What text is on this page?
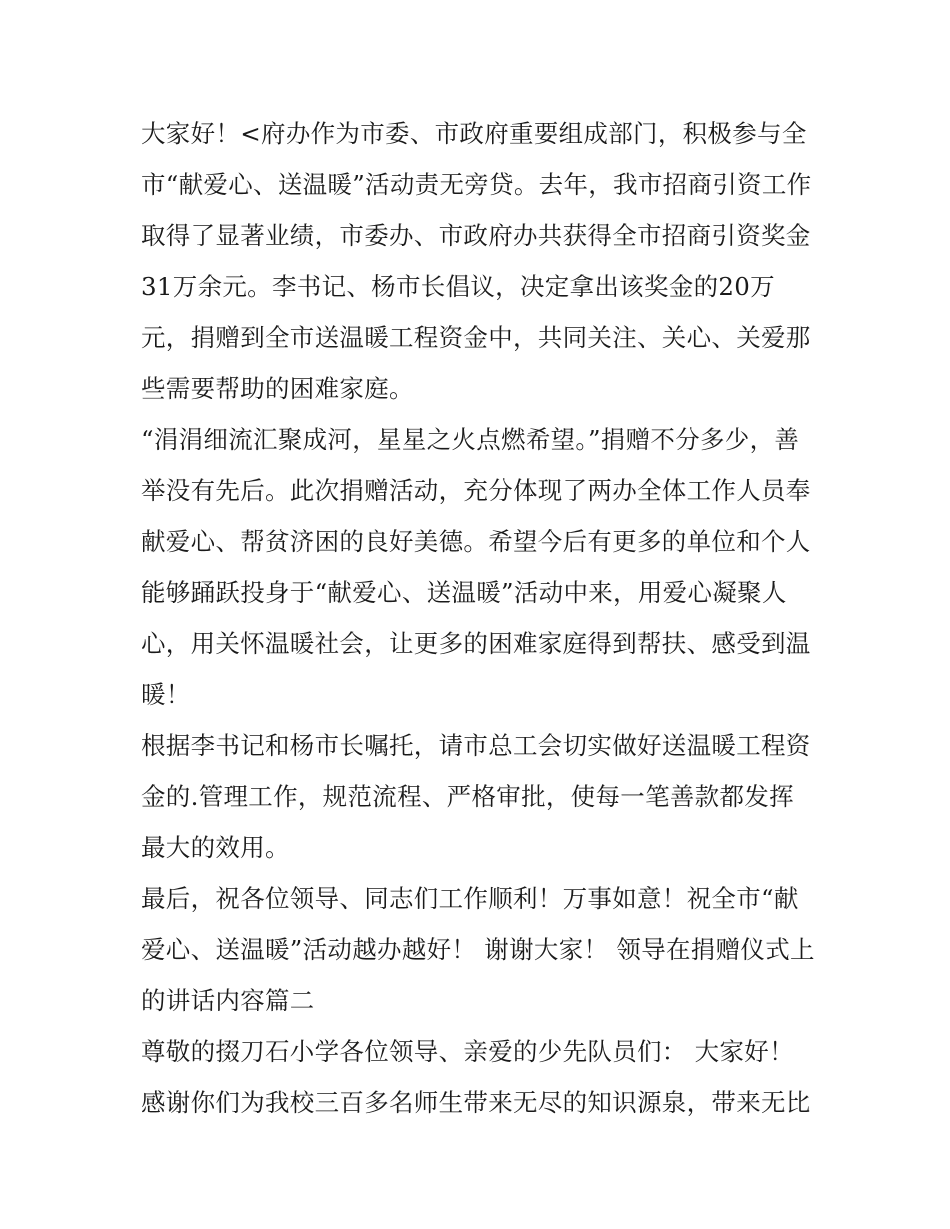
大家好！<府办作为市委、市政府重要组成部门，积极参与全
市“献爱心、送温暖”活动责无旁贷。去年，我市招商引资工作
取得了显著业绩，市委办、市政府办共获得全市招商引资奖金
31万余元。李书记、杨市长倡议，决定拿出该奖金的20万
元，捐赠到全市送温暖工程资金中，共同关注、关心、关爱那
些需要帮助的困难家庭。
“涓涓细流汇聚成河，星星之火点燃希望。”捐赠不分多少，善
举没有先后。此次捐赠活动，充分体现了两办全体工作人员奉
献爱心、帮贫济困的良好美德。希望今后有更多的单位和个人
能够踊跃投身于“献爱心、送温暖”活动中来，用爱心凝聚人
心，用关怀温暖社会，让更多的困难家庭得到帮扶、感受到温
暖！
根据李书记和杨市长嘱托，请市总工会切实做好送温暖工程资
金的.管理工作，规范流程、严格审批，使每一笔善款都发挥
最大的效用。
最后，祝各位领导、同志们工作顺利！万事如意！祝全市“献
爱心、送温暖”活动越办越好！ 谢谢大家！ 领导在捐赠仪式上
的讲话内容篇二
尊敬的掇刀石小学各位领导、亲爱的少先队员们： 大家好！
感谢你们为我校三百多名师生带来无尽的知识源泉，带来无比
